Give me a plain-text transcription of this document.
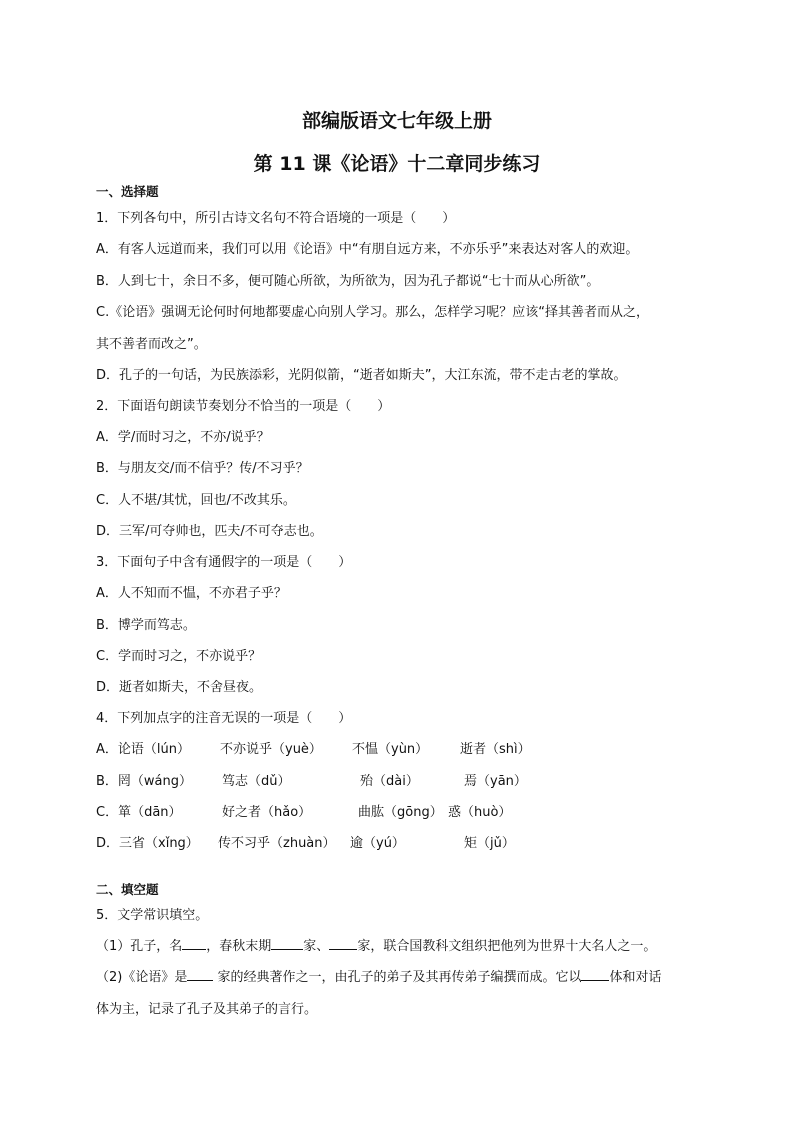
部编版语文七年级上册
第 11 课《论语》十二章同步练习

一、选择题

1．下列各句中，所引古诗文名句不符合语境的一项是（　　）

A．有客人远道而来，我们可以用《论语》中“有朋自远方来，不亦乐乎”来表达对客人的欢迎。

B．人到七十，余日不多，便可随心所欲，为所欲为，因为孔子都说“七十而从心所欲”。

C.《论语》强调无论何时何地都要虚心向别人学习。那么，怎样学习呢？应该“择其善者而从之，

其不善者而改之”。

D．孔子的一句话，为民族添彩，光阴似箭，“逝者如斯夫”，大江东流，带不走古老的掌故。

2．下面语句朗读节奏划分不恰当的一项是（　　）

A．学/而时习之，不亦/说乎？

B．与朋友交/而不信乎？传/不习乎？

C．人不堪/其忧，回也/不改其乐。

D．三军/可夺帅也，匹夫/不可夺志也。

3．下面句子中含有通假字的一项是（　　）

A．人不知而不愠，不亦君子乎？

B．博学而笃志。

C．学而时习之，不亦说乎？

D．逝者如斯夫，不舍昼夜。

4．下列加点字的注音无误的一项是（　　）

A．论语（lún） 不亦说乎（yuè） 不愠（yùn） 逝者（shì）
B．罔（wáng） 笃志（dǔ）	殆（dài）	焉（yān）
C．箪（dān）	好之者（hǎo）	曲肱（gōng） 惑（huò）
D．三省（xǐng） 传不习乎（zhuàn） 逾（yú）	矩（jǔ）

二、填空题

5．文学常识填空。

（1）孔子，名 ，春秋末期 家、 家，联合国教科文组织把他列为世界十大名人之一。

（2)《论语》是 家的经典著作之一，由孔子的弟子及其再传弟子编撰而成。它以 体和对话

体为主，记录了孔子及其弟子的言行。
